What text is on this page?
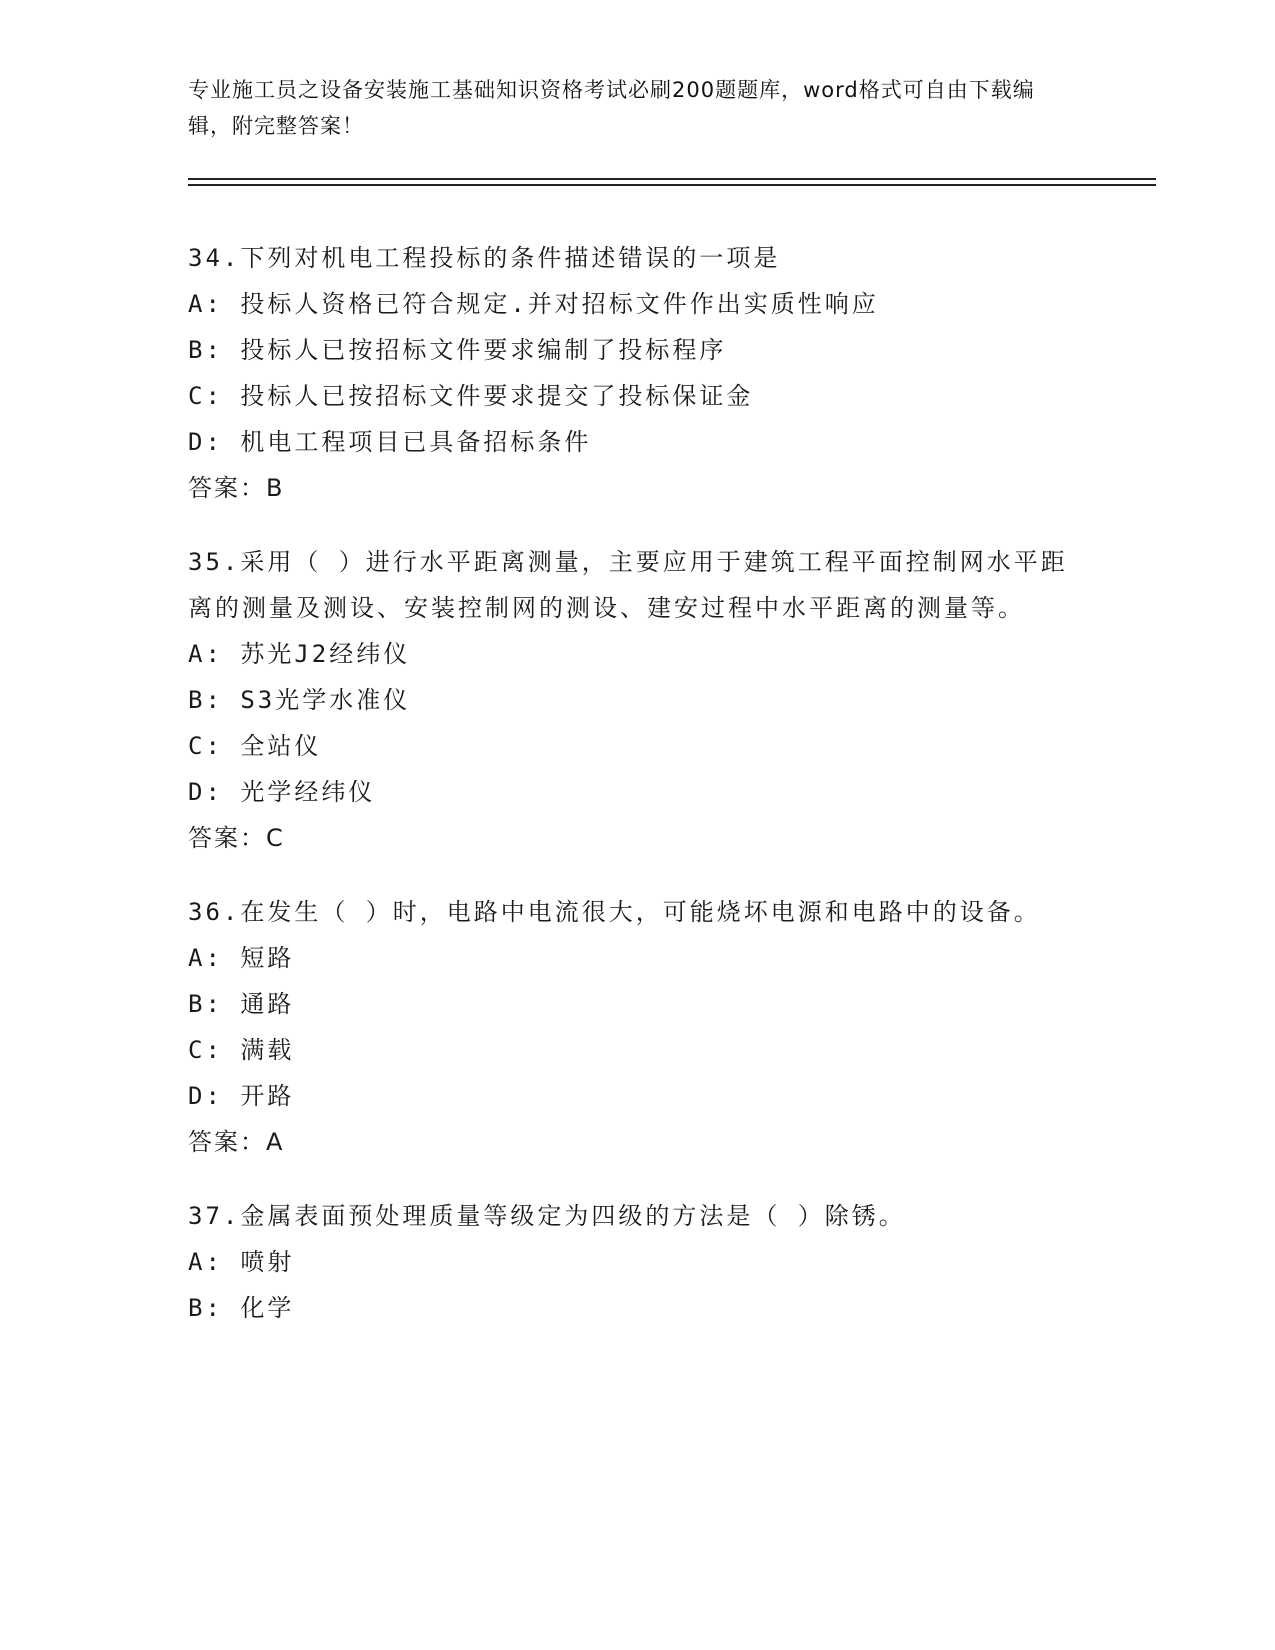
专业施工员之设备安装施工基础知识资格考试必刷200题题库，word格式可自由下载编辑，附完整答案！

34.下列对机电工程投标的条件描述错误的一项是

A: 投标人资格已符合规定.并对招标文件作出实质性响应

B: 投标人已按招标文件要求编制了投标程序

C: 投标人已按招标文件要求提交了投标保证金

D: 机电工程项目已具备招标条件

答案：B

35.采用（ ）进行水平距离测量，主要应用于建筑工程平面控制网水平距离的测量及测设、安装控制网的测设、建安过程中水平距离的测量等。

A: 苏光J2经纬仪

B: S3光学水准仪

C: 全站仪

D: 光学经纬仪

答案：C

36.在发生（ ）时，电路中电流很大，可能烧坏电源和电路中的设备。

A: 短路

B: 通路

C: 满载

D: 开路

答案：A

37.金属表面预处理质量等级定为四级的方法是（ ）除锈。

A: 喷射

B: 化学
